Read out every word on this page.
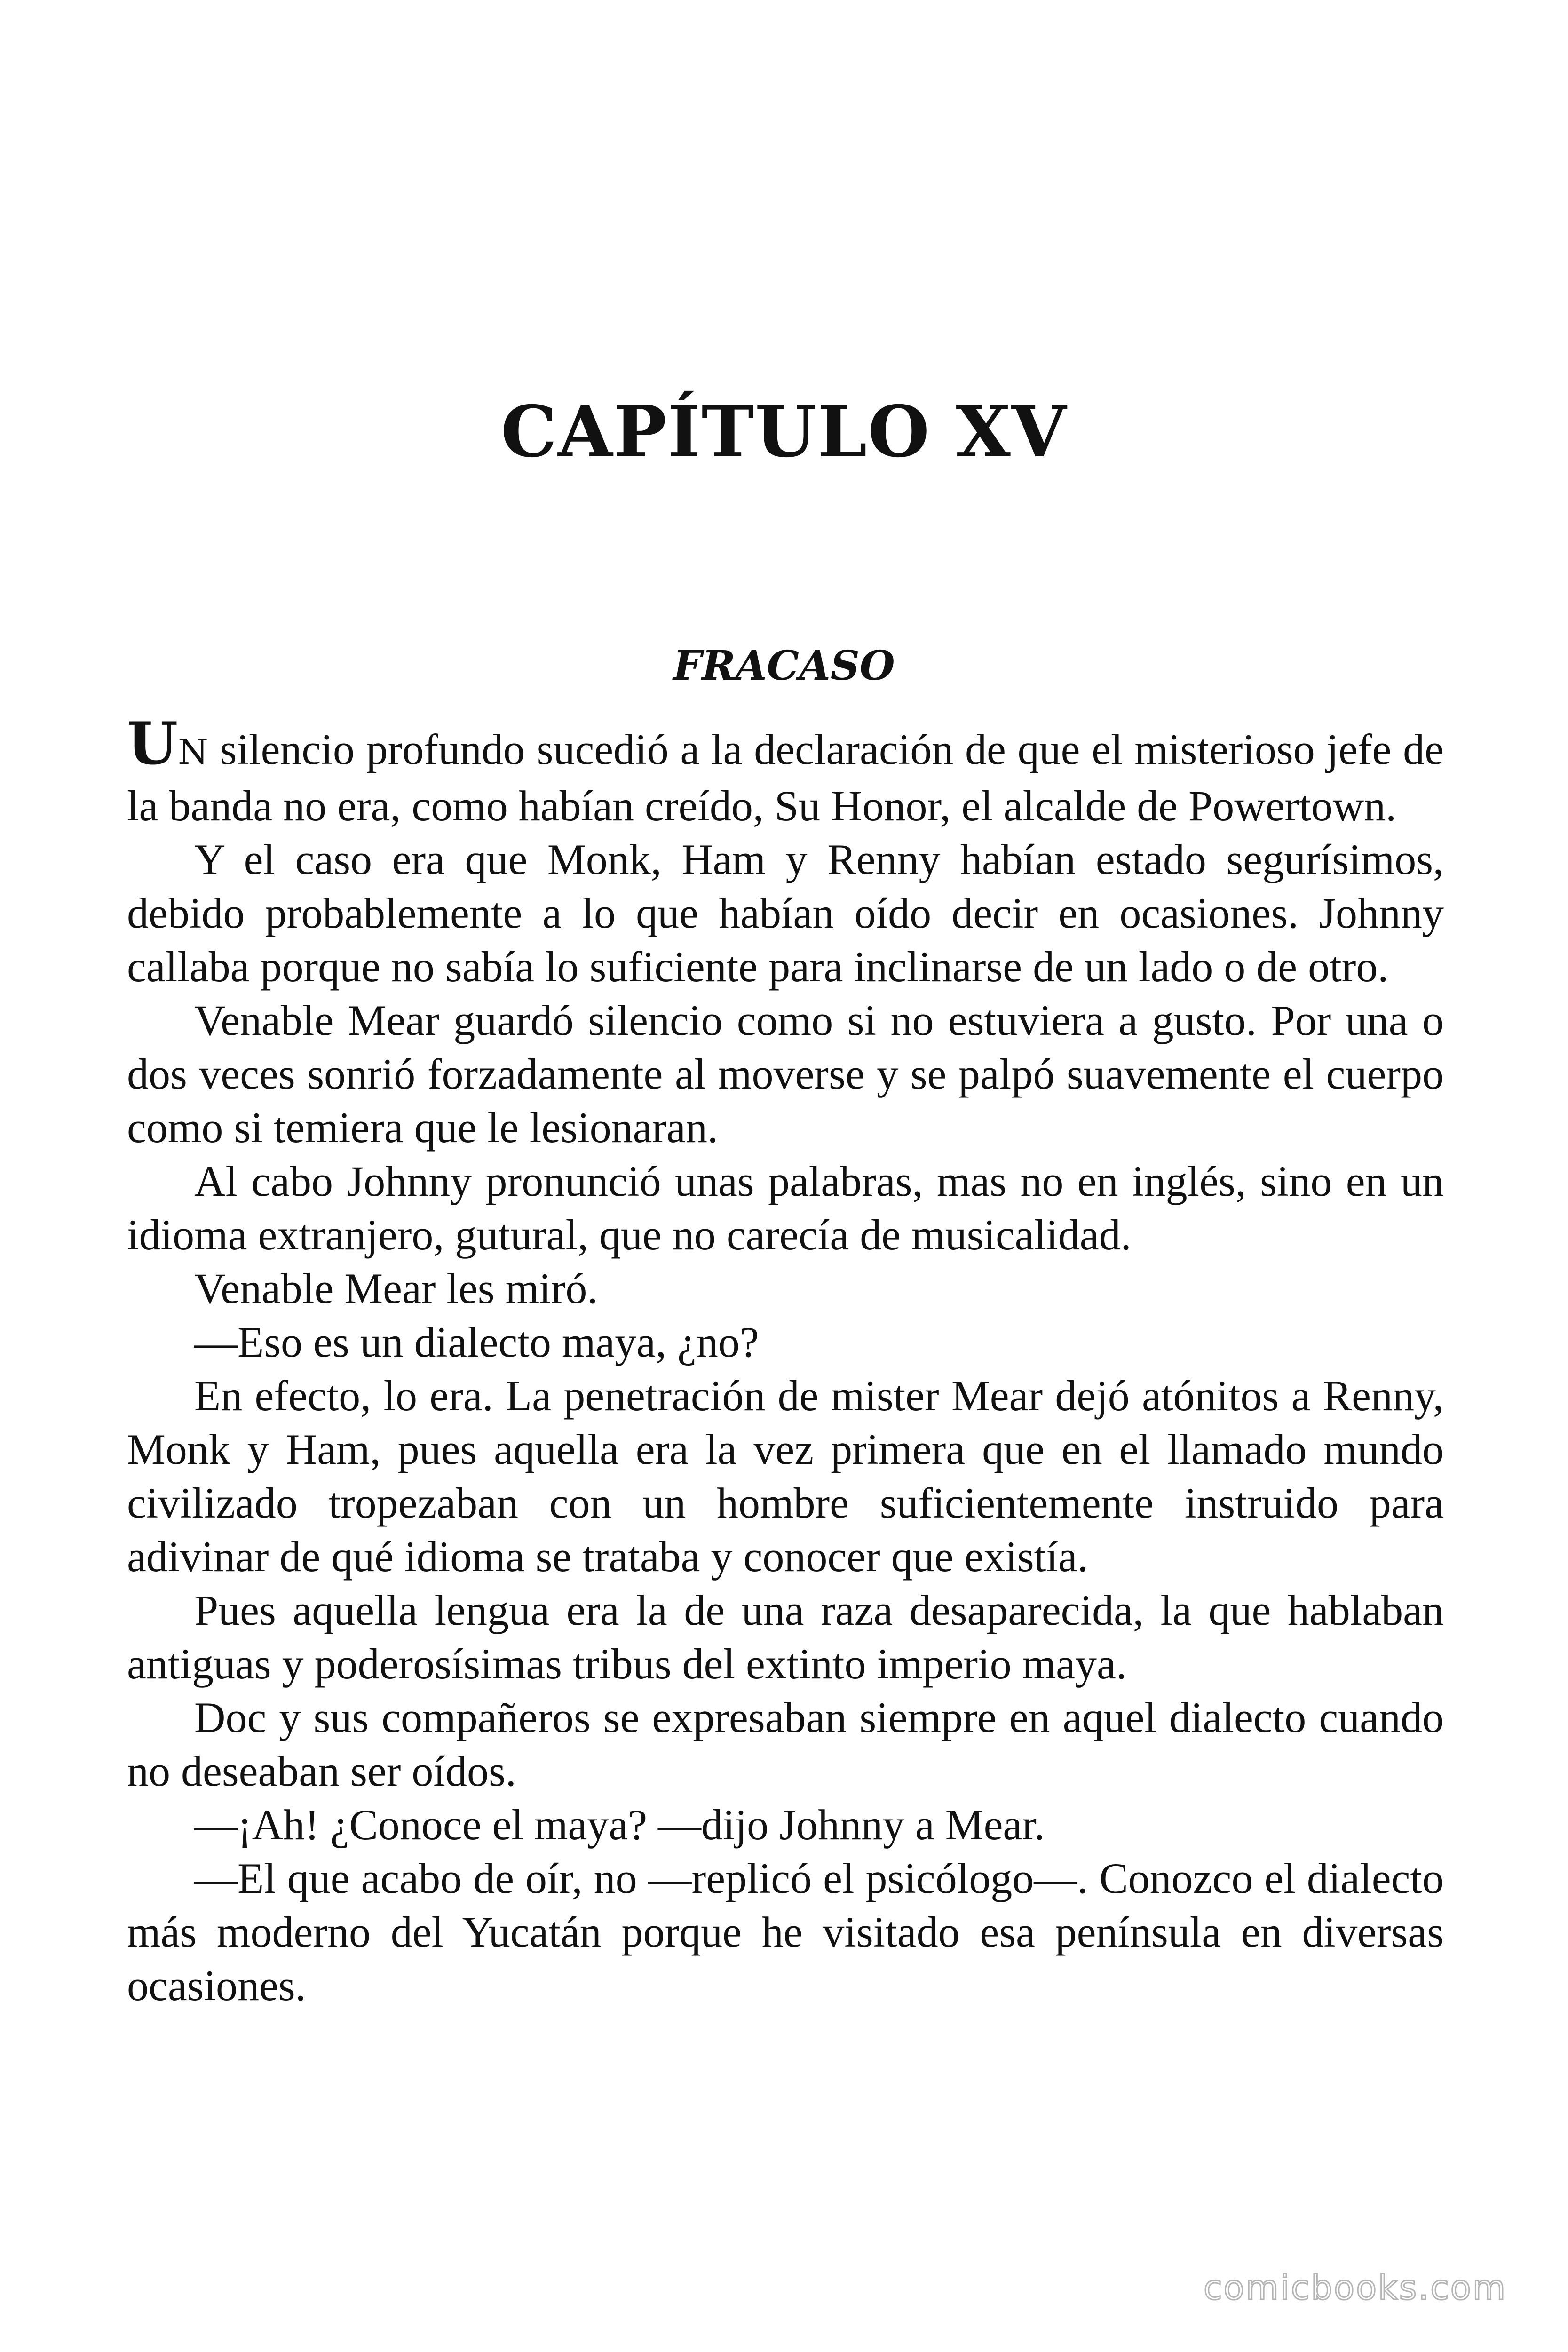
CAPÍTULO XV
FRACASO

UN silencio profundo sucedió a la declaración de que el misterioso jefe de la banda no era, como habían creído, Su Honor, el alcalde de Powertown.

Y el caso era que Monk, Ham y Renny habían estado segurísimos, debido probablemente a lo que habían oído decir en ocasiones. Johnny callaba porque no sabía lo suficiente para inclinarse de un lado o de otro.

Venable Mear guardó silencio como si no estuviera a gusto. Por una o dos veces sonrió forzadamente al moverse y se palpó suavemente el cuerpo como si temiera que le lesionaran.

Al cabo Johnny pronunció unas palabras, mas no en inglés, sino en un idioma extranjero, gutural, que no carecía de musicalidad.

Venable Mear les miró.

—Eso es un dialecto maya, ¿no?

En efecto, lo era. La penetración de mister Mear dejó atónitos a Renny, Monk y Ham, pues aquella era la vez primera que en el llamado mundo civilizado tropezaban con un hombre suficientemente instruido para adivinar de qué idioma se trataba y conocer que existía.

Pues aquella lengua era la de una raza desaparecida, la que hablaban antiguas y poderosísimas tribus del extinto imperio maya.

Doc y sus compañeros se expresaban siempre en aquel dialecto cuando no deseaban ser oídos.

—¡Ah! ¿Conoce el maya? —dijo Johnny a Mear.

—El que acabo de oír, no —replicó el psicólogo—. Conozco el dialecto más moderno del Yucatán porque he visitado esa península en diversas ocasiones.

comicbooks.com
